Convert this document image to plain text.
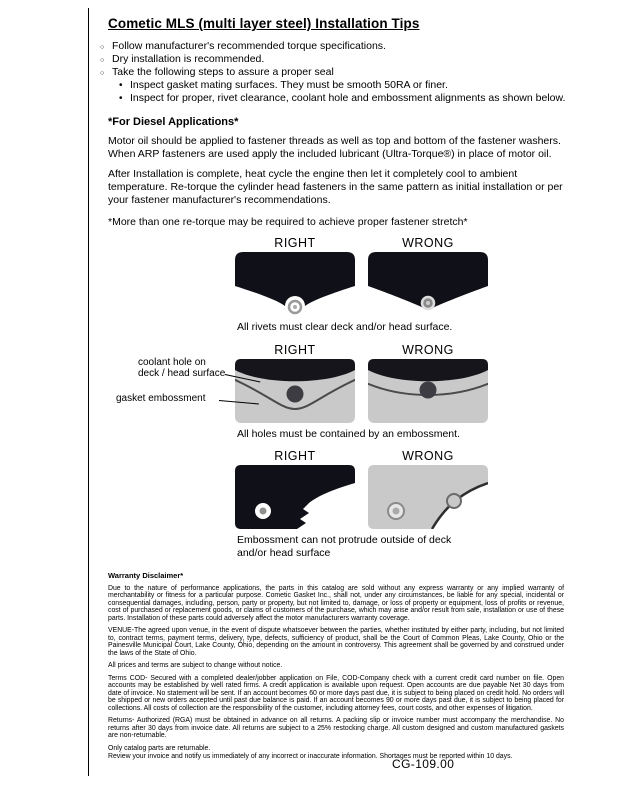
Cometic MLS (multi layer steel) Installation Tips
○ Follow manufacturer's recommended torque specifications.
○ Dry installation is recommended.
○ Take the following steps to assure a proper seal
• Inspect gasket mating surfaces. They must be smooth 50RA or finer.
• Inspect for proper, rivet clearance, coolant hole and embossment alignments as shown below.
*For Diesel Applications*

Motor oil should be applied to fastener threads as well as top and bottom of the fastener washers. When ARP fasteners are used apply the included lubricant (Ultra-Torque®) in place of motor oil.

After Installation is complete, heat cycle the engine then let it completely cool to ambient temperature. Re-torque the cylinder head fasteners in the same pattern as initial installation or per your fastener manufacturer's recommendations.

*More than one re-torque may be required to achieve proper fastener stretch*
RIGHT	WRONG
All rivets must clear deck and/or head surface.
RIGHT	WRONG
coolant hole on
deck / head surface
gasket embossment
All holes must be contained by an embossment.
RIGHT	WRONG
Embossment can not protrude outside of deck
and/or head surface
Warranty Disclaimer*

Due to the nature of performance applications, the parts in this catalog are sold without any express warranty or any implied warranty of merchantability or fitness for a particular purpose. Cometic Gasket Inc., shall not, under any circumstances, be liable for any special, incidental or consequential damages, including, person, party or property, but not limited to, damage, or loss of property or equipment, loss of profits or revenue, cost of purchased or replacement goods, or claims of customers of the purchase, which may arise and/or result from sale, installation or use of these parts. Installation of these parts could adversely affect the motor manufacturers warranty coverage.

VENUE-The agreed upon venue, in the event of dispute whatsoever between the parties, whether instituted by either party, including, but not limited to, contract terms, payment terms, delivery, type, defects, sufficiency of product, shall be the Court of Common Pleas, Lake County, Ohio or the Painesville Municipal Court, Lake County, Ohio, depending on the amount in controversy. This agreement shall be governed by and construed under the laws of the State of Ohio.

All prices and terms are subject to change without notice.

Terms COD- Secured with a completed dealer/jobber application on File, COD-Company check with a current credit card number on file. Open accounts may be established by well rated firms. A credit application is available upon request. Open accounts are due payable Net 30 days from date of invoice. No statement will be sent. If an account becomes 60 or more days past due, it is subject to being placed on credit hold. No orders will be shipped or new orders accepted until past due balance is paid. If an account becomes 90 or more days past due, it is subject to being placed for collections. All costs of collection are the responsibility of the customer, including attorney fees, court costs, and other expenses of litigation.

Returns- Authorized (RGA) must be obtained in advance on all returns. A packing slip or invoice number must accompany the merchandise. No returns after 30 days from invoice date. All returns are subject to a 25% restocking charge. All custom designed and custom manufactured gaskets are non-returnable.

Only catalog parts are returnable.

Review your invoice and notify us immediately of any incorrect or inaccurate information. Shortages must be reported within 10 days.

CG-109.00
